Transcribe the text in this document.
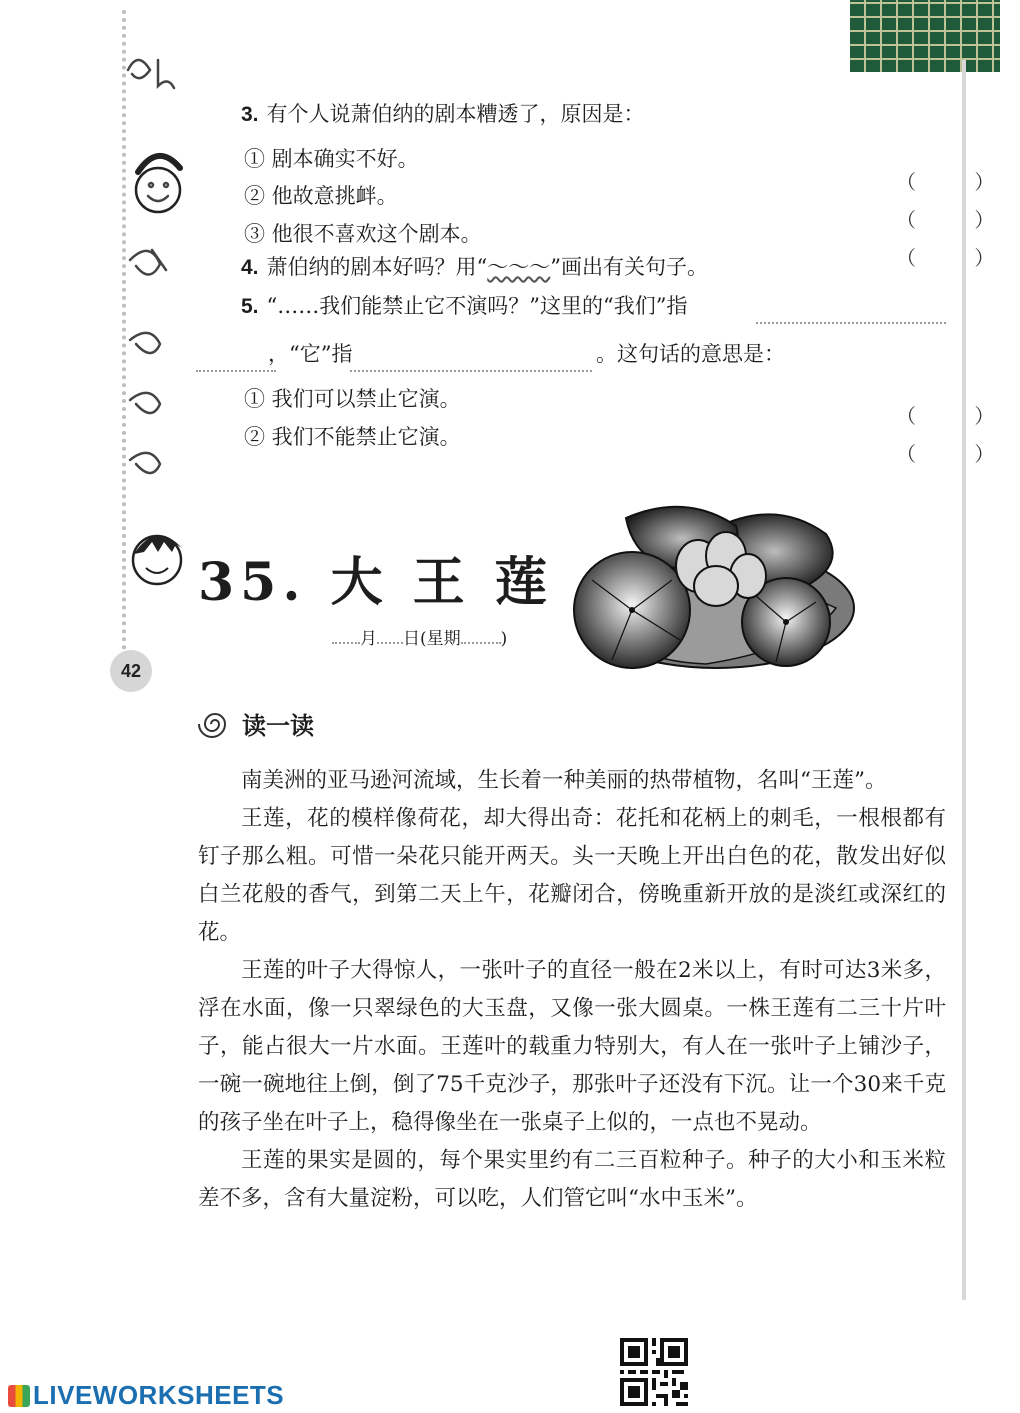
42
3. 有个人说萧伯纳的剧本糟透了，原因是：
① 剧本确实不好。
② 他故意挑衅。
③ 他很不喜欢这个剧本。
（ ）
（ ）
（ ）
4. 萧伯纳的剧本好吗？用“～～～”画出有关句子。
5. “……我们能禁止它不演吗？”这里的“我们”指
，“它”指	。这句话的意思是：
① 我们可以禁止它演。
② 我们不能禁止它演。
（ ）
（ ）
35. 大 王 莲
月 日(星期 )
读一读

南美洲的亚马逊河流域，生长着一种美丽的热带植物，名叫“王莲”。

王莲，花的模样像荷花，却大得出奇：花托和花柄上的刺毛，一根根都有钉子那么粗。可惜一朵花只能开两天。头一天晚上开出白色的花，散发出好似白兰花般的香气，到第二天上午，花瓣闭合，傍晚重新开放的是淡红或深红的花。

王莲的叶子大得惊人，一张叶子的直径一般在2米以上，有时可达3米多，浮在水面，像一只翠绿色的大玉盘，又像一张大圆桌。一株王莲有二三十片叶子，能占很大一片水面。王莲叶的载重力特别大，有人在一张叶子上铺沙子，一碗一碗地往上倒，倒了75千克沙子，那张叶子还没有下沉。让一个30来千克的孩子坐在叶子上，稳得像坐在一张桌子上似的，一点也不晃动。

王莲的果实是圆的，每个果实里约有二三百粒种子。种子的大小和玉米粒差不多，含有大量淀粉，可以吃，人们管它叫“水中玉米”。

LIVEWORKSHEETS
